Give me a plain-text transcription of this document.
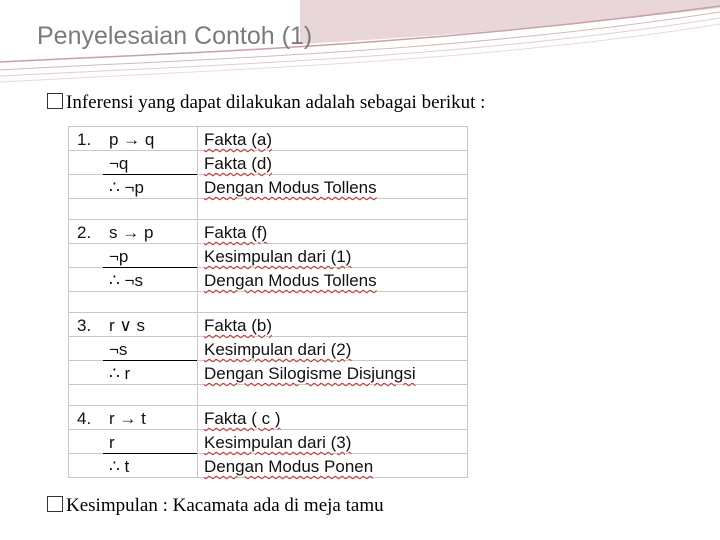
Penyelesaian Contoh (1)
Inferensi yang dapat dilakukan adalah sebagai berikut :
1.	p → q	Fakta (a)
	¬q	Fakta (d)
	∴ ¬p	Dengan Modus Tollens

2.	s → p	Fakta (f)
	¬p	Kesimpulan dari (1)
	∴ ¬s	Dengan Modus Tollens

3.	r ∨ s	Fakta (b)
	¬s	Kesimpulan dari (2)
	∴ r	Dengan Silogisme Disjungsi

4.	r → t	Fakta ( c )
	r	Kesimpulan dari (3)
	∴ t	Dengan Modus Ponen
Kesimpulan : Kacamata ada di meja tamu
